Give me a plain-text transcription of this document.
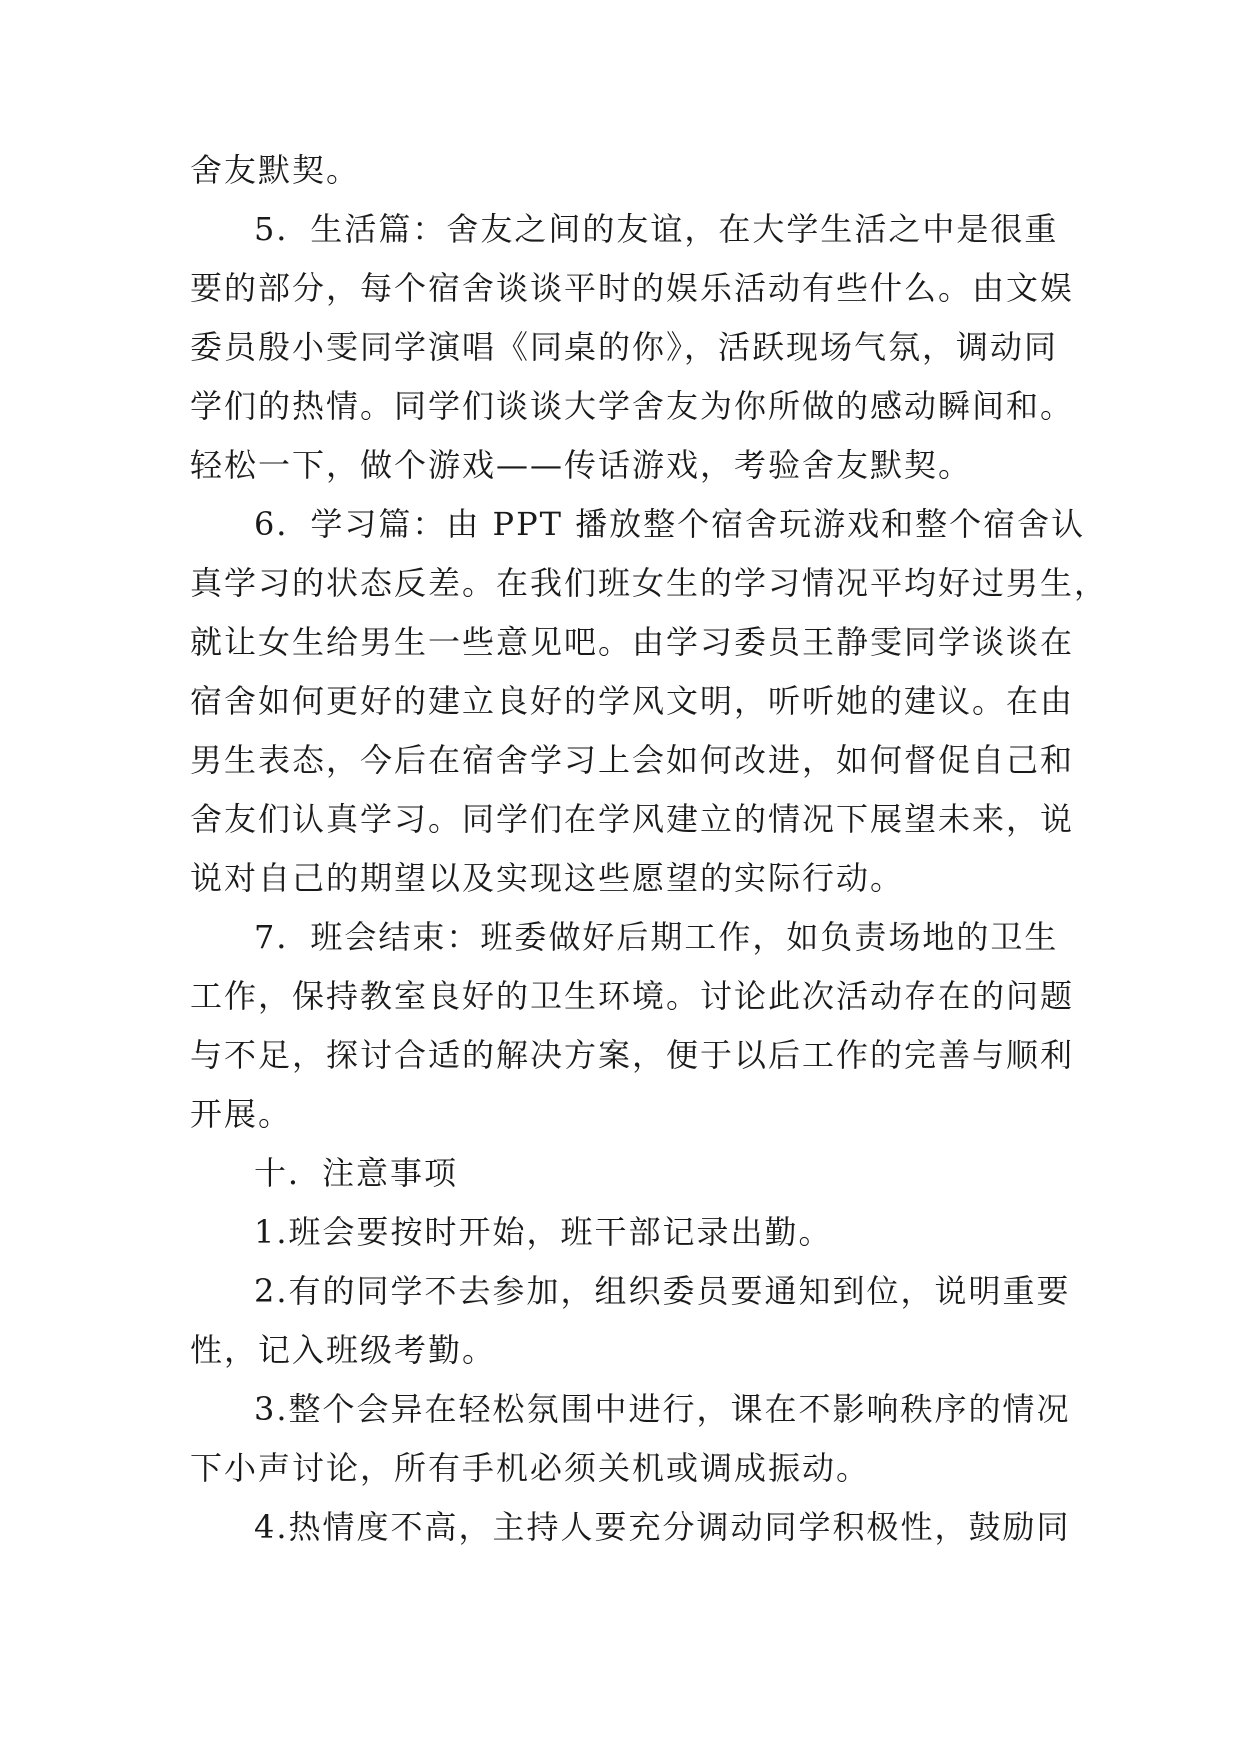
舍友默契。
5．生活篇：舍友之间的友谊，在大学生活之中是很重
要的部分，每个宿舍谈谈平时的娱乐活动有些什么。由文娱
委员殷小雯同学演唱《同桌的你》，活跃现场气氛，调动同
学们的热情。同学们谈谈大学舍友为你所做的感动瞬间和。
轻松一下，做个游戏——传话游戏，考验舍友默契。
6．学习篇：由 PPT 播放整个宿舍玩游戏和整个宿舍认
真学习的状态反差。在我们班女生的学习情况平均好过男生，
就让女生给男生一些意见吧。由学习委员王静雯同学谈谈在
宿舍如何更好的建立良好的学风文明，听听她的建议。在由
男生表态，今后在宿舍学习上会如何改进，如何督促自己和
舍友们认真学习。同学们在学风建立的情况下展望未来，说
说对自己的期望以及实现这些愿望的实际行动。
7．班会结束：班委做好后期工作，如负责场地的卫生
工作，保持教室良好的卫生环境。讨论此次活动存在的问题
与不足，探讨合适的解决方案，便于以后工作的完善与顺利
开展。
十．注意事项
1.班会要按时开始，班干部记录出勤。
2.有的同学不去参加，组织委员要通知到位，说明重要
性，记入班级考勤。
3.整个会异在轻松氛围中进行，课在不影响秩序的情况
下小声讨论，所有手机必须关机或调成振动。
4.热情度不高，主持人要充分调动同学积极性，鼓励同
